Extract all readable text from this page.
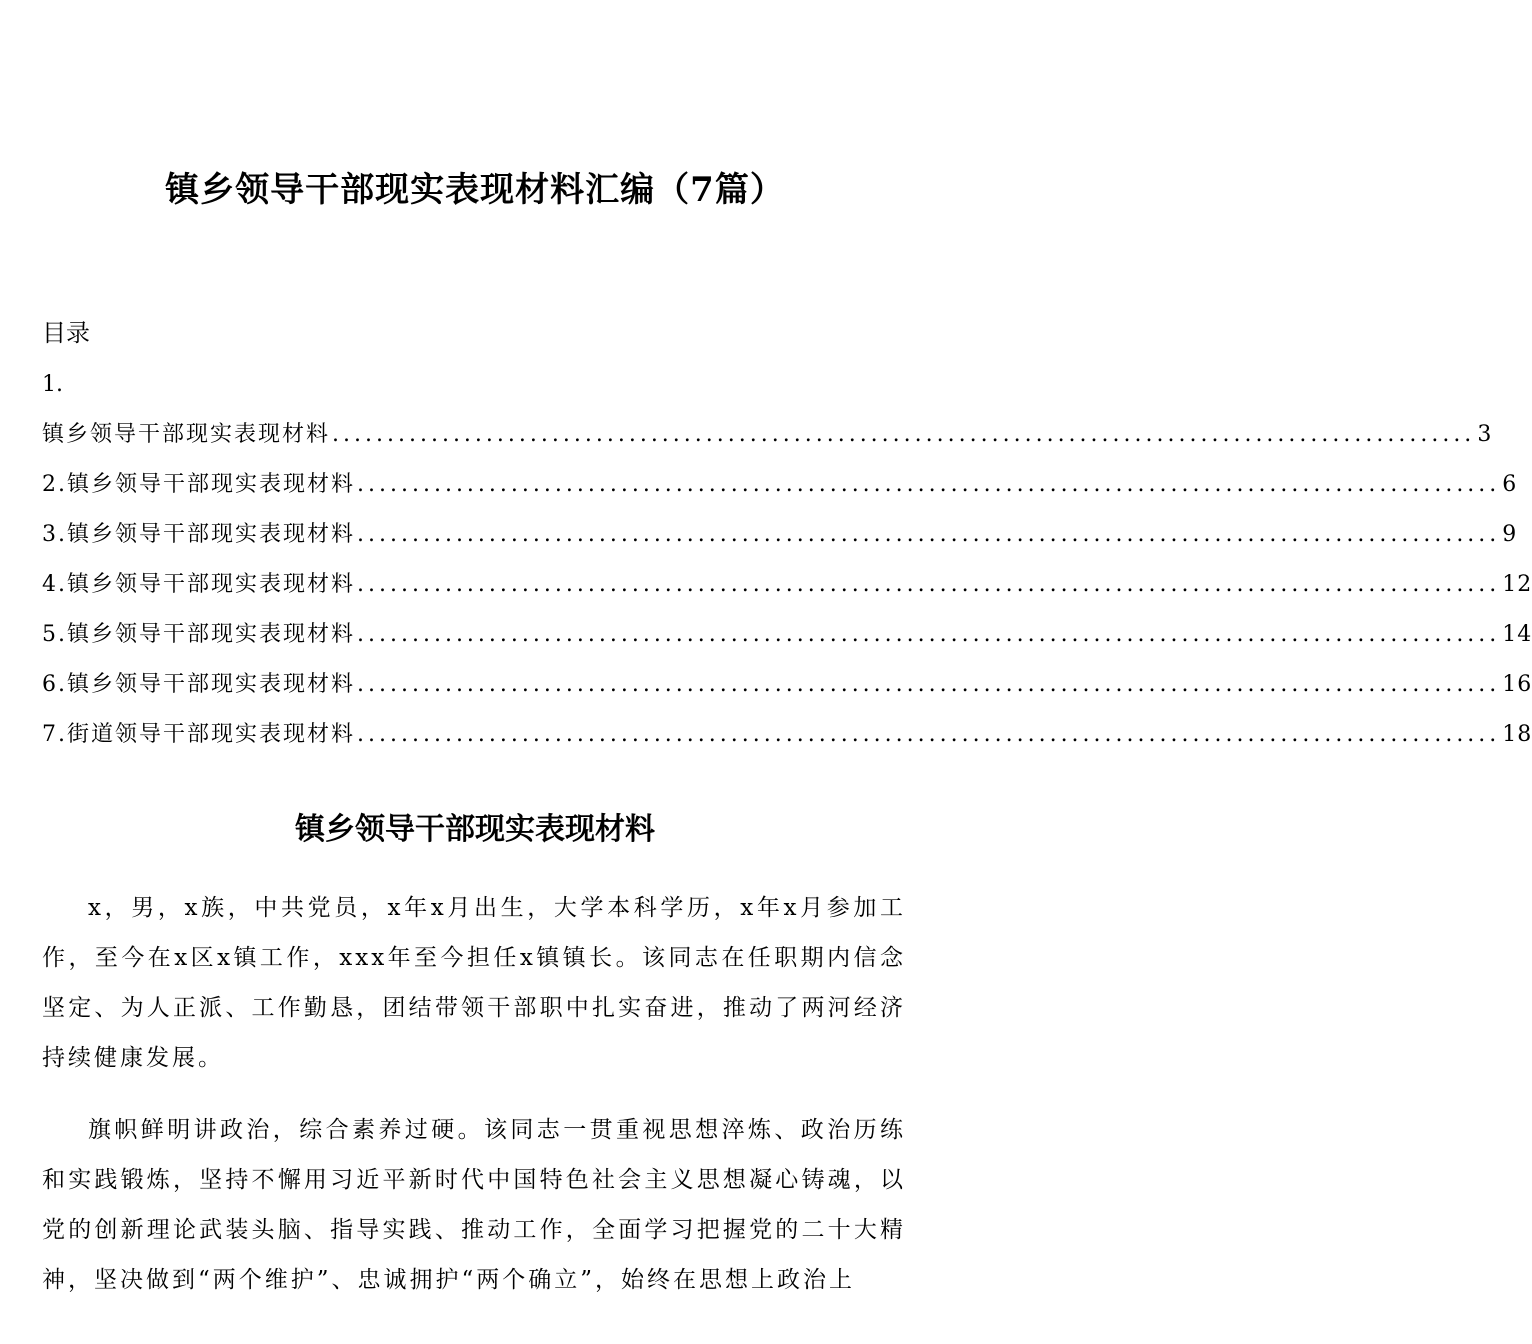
镇乡领导干部现实表现材料汇编（7篇）
目录
1.
镇乡领导干部现实表现材料 ........................................................................................................ 3
2.镇乡领导干部现实表现材料 ........................................................................................................ 6
3.镇乡领导干部现实表现材料 ........................................................................................................ 9
4.镇乡领导干部现实表现材料 ........................................................................................................ 12
5.镇乡领导干部现实表现材料 ........................................................................................................ 14
6.镇乡领导干部现实表现材料 ........................................................................................................ 16
7.街道领导干部现实表现材料 ........................................................................................................ 18
镇乡领导干部现实表现材料

x，男，x族，中共党员，x年x月出生，大学本科学历，x年x月参加工作，至今在x区x镇工作，xxx年至今担任x镇镇长。该同志在任职期内信念坚定、为人正派、工作勤恳，团结带领干部职中扎实奋进，推动了两河经济持续健康发展。

旗帜鲜明讲政治，综合素养过硬。该同志一贯重视思想淬炼、政治历练和实践锻炼，坚持不懈用习近平新时代中国特色社会主义思想凝心铸魂，以党的创新理论武装头脑、指导实践、推动工作，全面学习把握党的二十大精神，坚决做到“两个维护”、忠诚拥护“两个确立”，始终在思想上政治上
